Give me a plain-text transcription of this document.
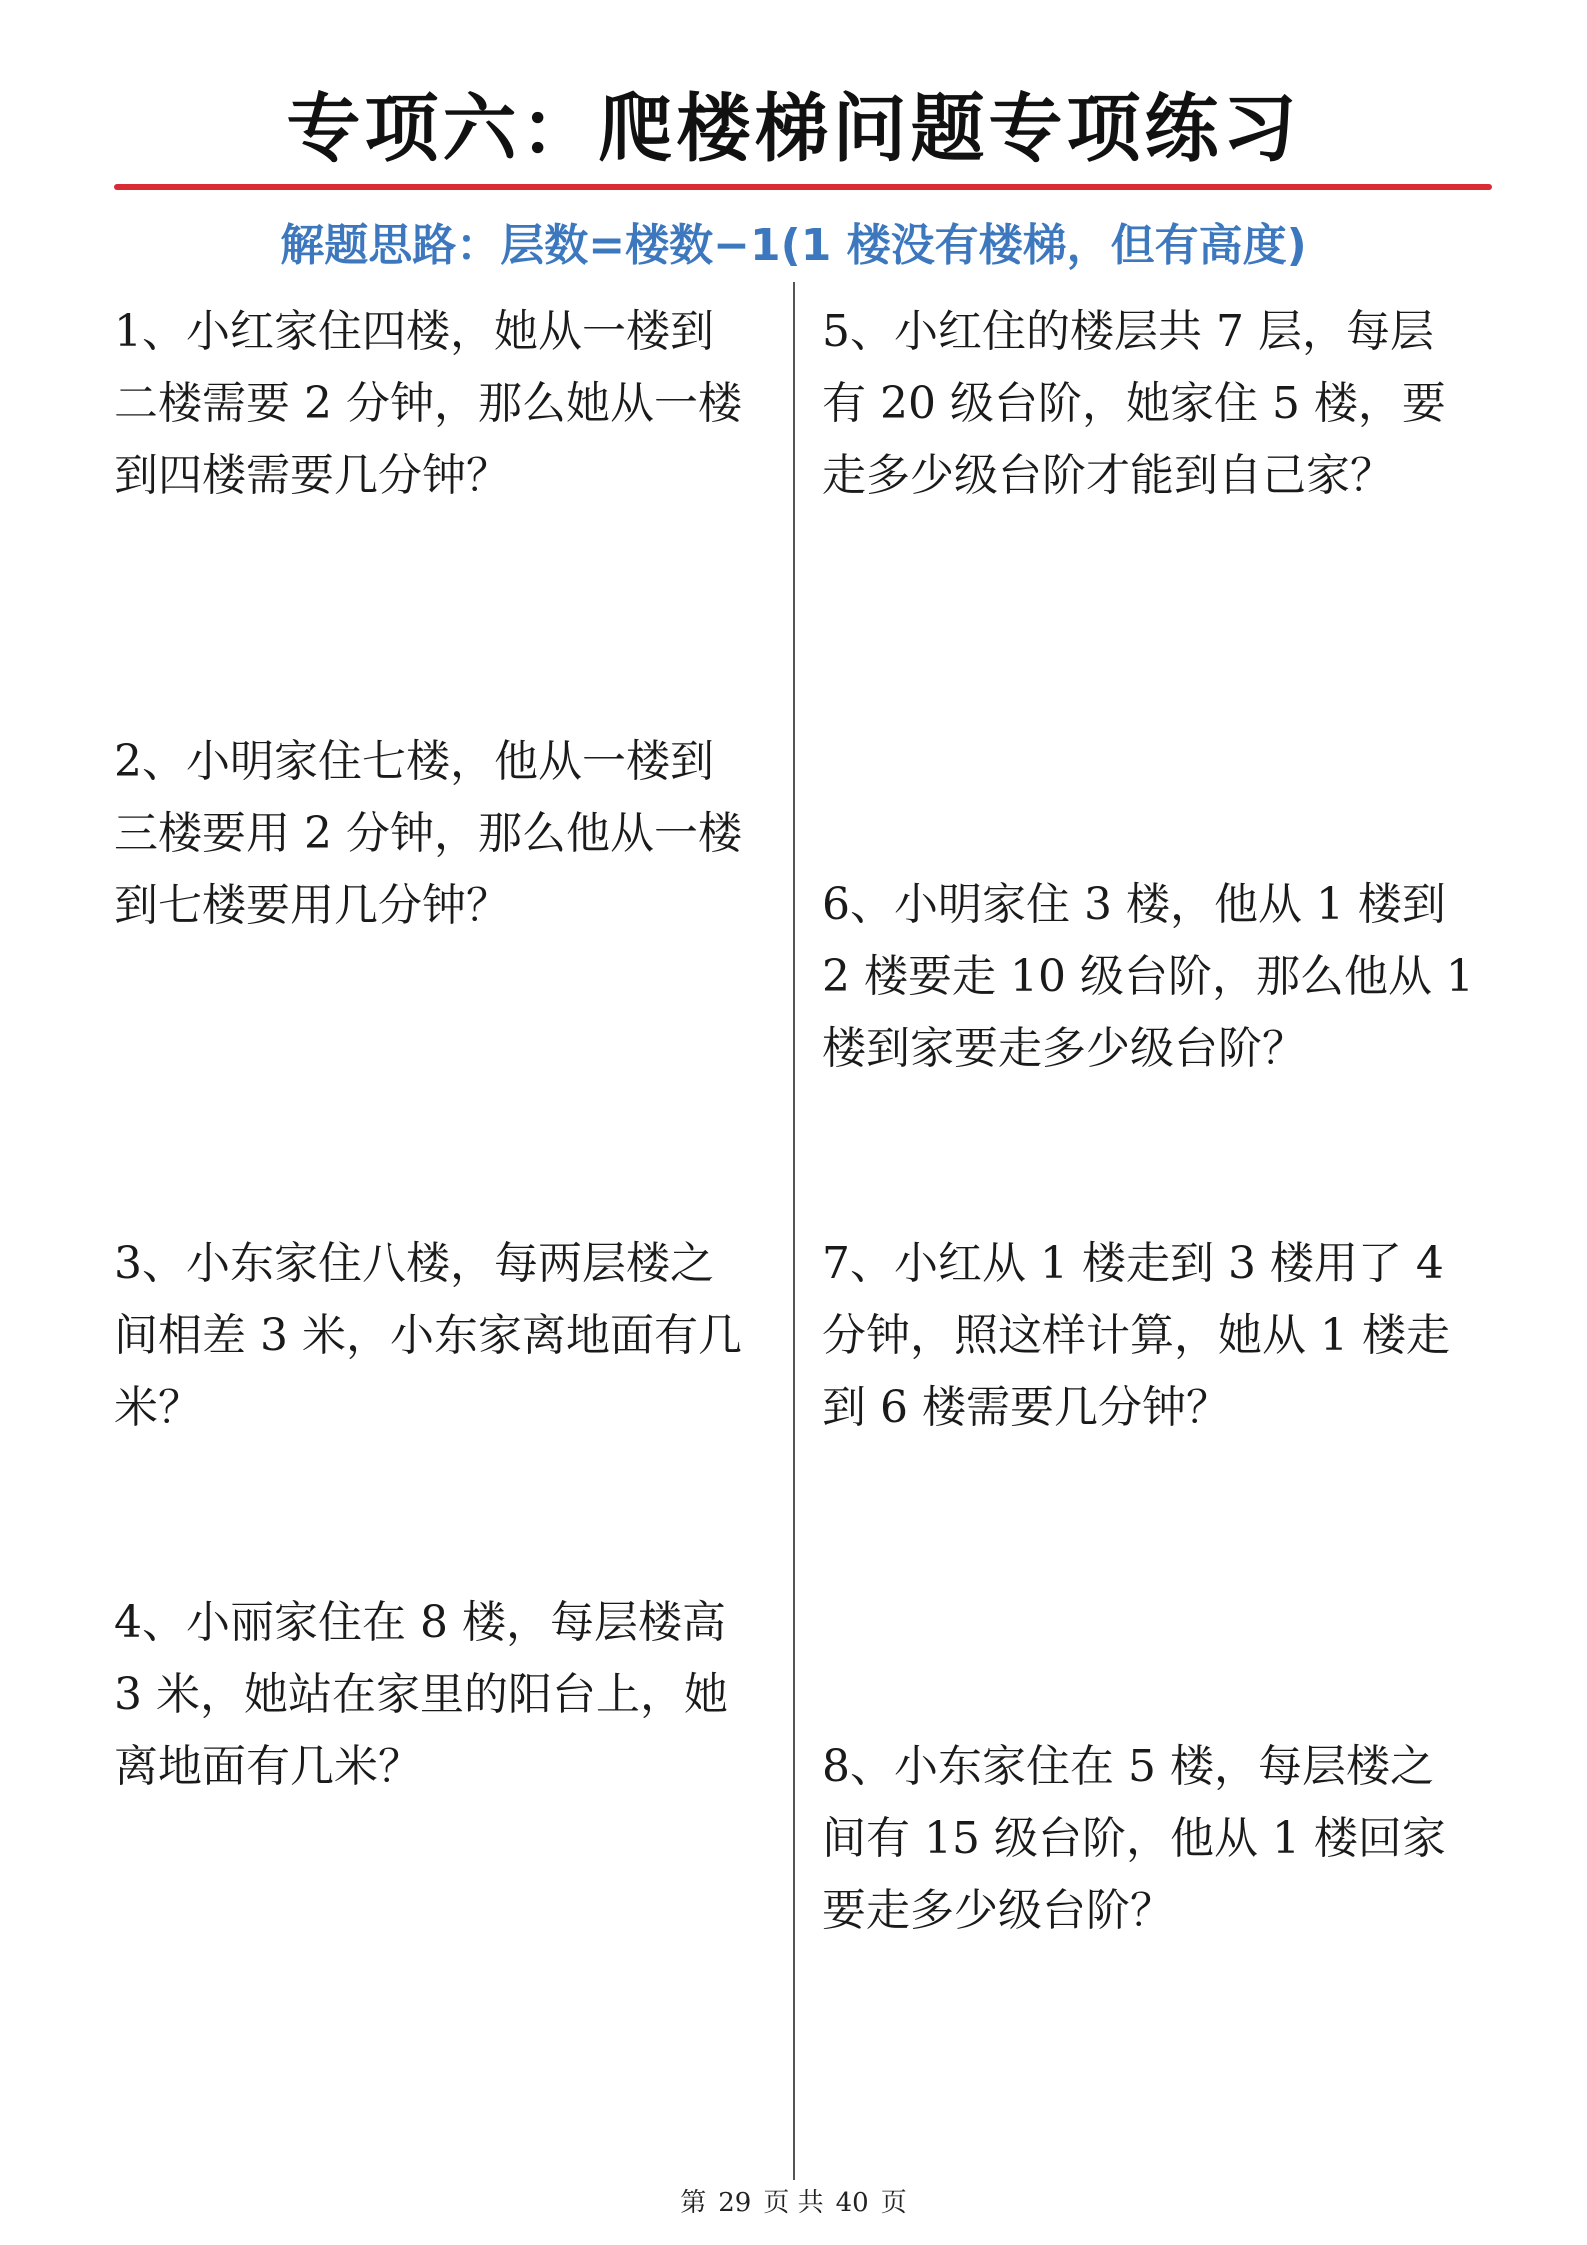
专项六：爬楼梯问题专项练习
解题思路：层数=楼数−1(1 楼没有楼梯，但有高度)
1、小红家住四楼，她从一楼到
二楼需要 2 分钟，那么她从一楼
到四楼需要几分钟？
2、小明家住七楼，他从一楼到
三楼要用 2 分钟，那么他从一楼
到七楼要用几分钟？
3、小东家住八楼，每两层楼之
间相差 3 米，小东家离地面有几
米？
4、小丽家住在 8 楼，每层楼高
3 米，她站在家里的阳台上，她
离地面有几米？
5、小红住的楼层共 7 层，每层
有 20 级台阶，她家住 5 楼，要
走多少级台阶才能到自己家？
6、小明家住 3 楼，他从 1 楼到
2 楼要走 10 级台阶，那么他从 1
楼到家要走多少级台阶？
7、小红从 1 楼走到 3 楼用了 4
分钟，照这样计算，她从 1 楼走
到 6 楼需要几分钟？
8、小东家住在 5 楼，每层楼之
间有 15 级台阶，他从 1 楼回家
要走多少级台阶？
第 29 页 共 40 页
